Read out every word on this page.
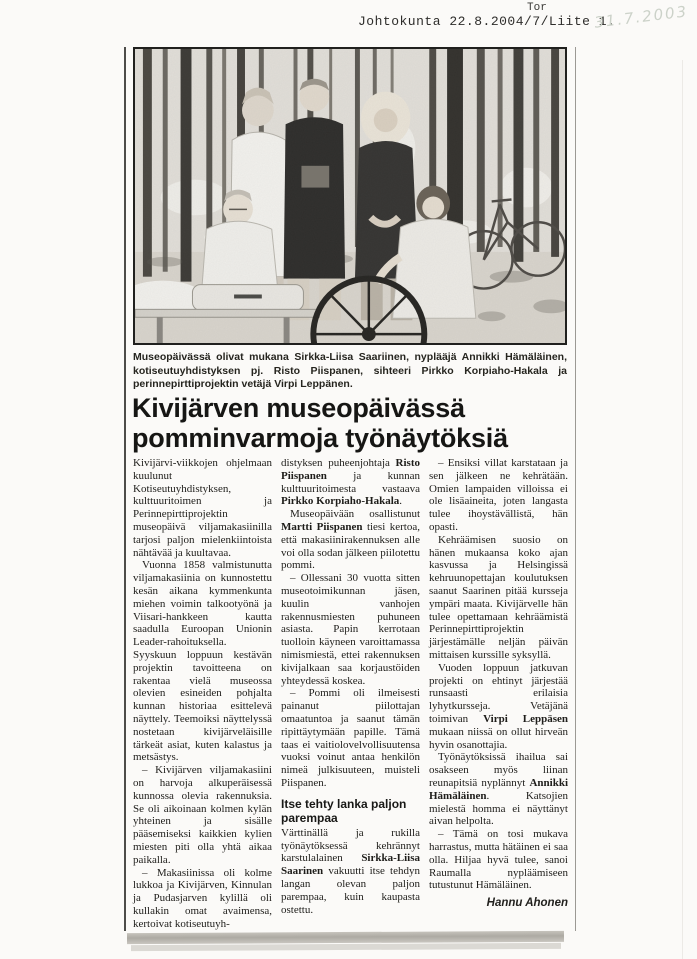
Tor
Johtokunta 22.8.2004/7/Liite 1.
31.7.2003
Museopäivässä olivat mukana Sirkka-Liisa Saariinen, nyplääjä Annikki Hämäläinen, kotiseutuyhdistyksen pj. Risto Piispanen, sihteeri Pirkko Korpiaho-Hakala ja perinnepirttiprojektin vetäjä Virpi Leppänen.
Kivijärven museopäivässä
pomminvarmoja työnäytöksiä

Kivijärvi-viikkojen ohjelmaan kuulunut Kotiseutuyhdistyksen, kulttuuritoimen ja Perinnepirttiprojektin museopäivä viljamakasiinilla tarjosi paljon mielenkiintoista nähtävää ja kuultavaa.

Vuonna 1858 valmistunutta viljamakasiinia on kunnostettu kesän aikana kymmenkunta miehen voimin talkootyönä ja Viisari-hankkeen kautta saadulla Euroopan Unionin Leader-rahoituksella. Syyskuun loppuun kestävän projektin tavoitteena on rakentaa vielä museossa olevien esineiden pohjalta kunnan historiaa esittelevä näyttely. Teemoiksi näyttelyssä nostetaan kivijärveläisille tärkeät asiat, kuten kalastus ja metsästys.

– Kivijärven viljamakasiini on harvoja alkuperäisessä kunnossa olevia rakennuksia. Se oli aikoinaan kolmen kylän yhteinen ja sisälle pääsemiseksi kaikkien kylien miesten piti olla yhtä aikaa paikalla.

– Makasiinissa oli kolme lukkoa ja Kivijärven, Kinnulan ja Pudasjarven kylillä oli kullakin omat avaimensa, kertoivat kotiseutuyh-

distyksen puheenjohtaja Risto Piispanen ja kunnan kulttuuritoimesta vastaava Pirkko Korpiaho-Hakala.

Museopäivään osallistunut Martti Piispanen tiesi kertoa, että makasiinirakennuksen alle voi olla sodan jälkeen piilotettu pommi.

– Ollessani 30 vuotta sitten museotoimikunnan jäsen, kuulin vanhojen rakennusmiesten puhuneen asiasta. Papin kerrotaan tuolloin käyneen varoittamassa nimismiestä, ettei rakennuksen kivijalkaan saa korjaustöiden yhteydessä koskea.

– Pommi oli ilmeisesti painanut piilottajan omaatuntoa ja saanut tämän ripittäytymään papille. Tämä taas ei vaitiolovelvollisuutensa vuoksi voinut antaa henkilön nimeä julkisuuteen, muisteli Piispanen.

Itse tehty lanka paljon parempaa

Värttinällä ja rukilla työnäytöksessä kehrännyt karstulalainen Sirkka-Liisa Saarinen vakuutti itse tehdyn langan olevan paljon parempaa, kuin kaupasta ostettu.

– Ensiksi villat karstataan ja sen jälkeen ne kehrätään. Omien lampaiden villoissa ei ole lisäaineita, joten langasta tulee ihoystävällistä, hän opasti.

Kehräämisen suosio on hänen mukaansa koko ajan kasvussa ja Helsingissä kehruunopettajan koulutuksen saanut Saarinen pitää kursseja ympäri maata. Kivijärvelle hän tulee opettamaan kehräämistä Perinnepirttiprojektin järjestämälle neljän päivän mittaisen kurssille syksyllä.

Vuoden loppuun jatkuvan projekti on ehtinyt järjestää runsaasti erilaisia lyhytkursseja. Vetäjänä toimivan Virpi Leppäsen mukaan niissä on ollut hirveän hyvin osanottajia.

Työnäytöksissä ihailua sai osakseen myös liinan reunapitsiä nyplännyt Annikki Hämäläinen. Katsojien mielestä homma ei näyttänyt aivan helpolta.

– Tämä on tosi mukava harrastus, mutta hätäinen ei saa olla. Hiljaa hyvä tulee, sanoi Raumalla nypläämiseen tutustunut Hämäläinen.

Hannu Ahonen
